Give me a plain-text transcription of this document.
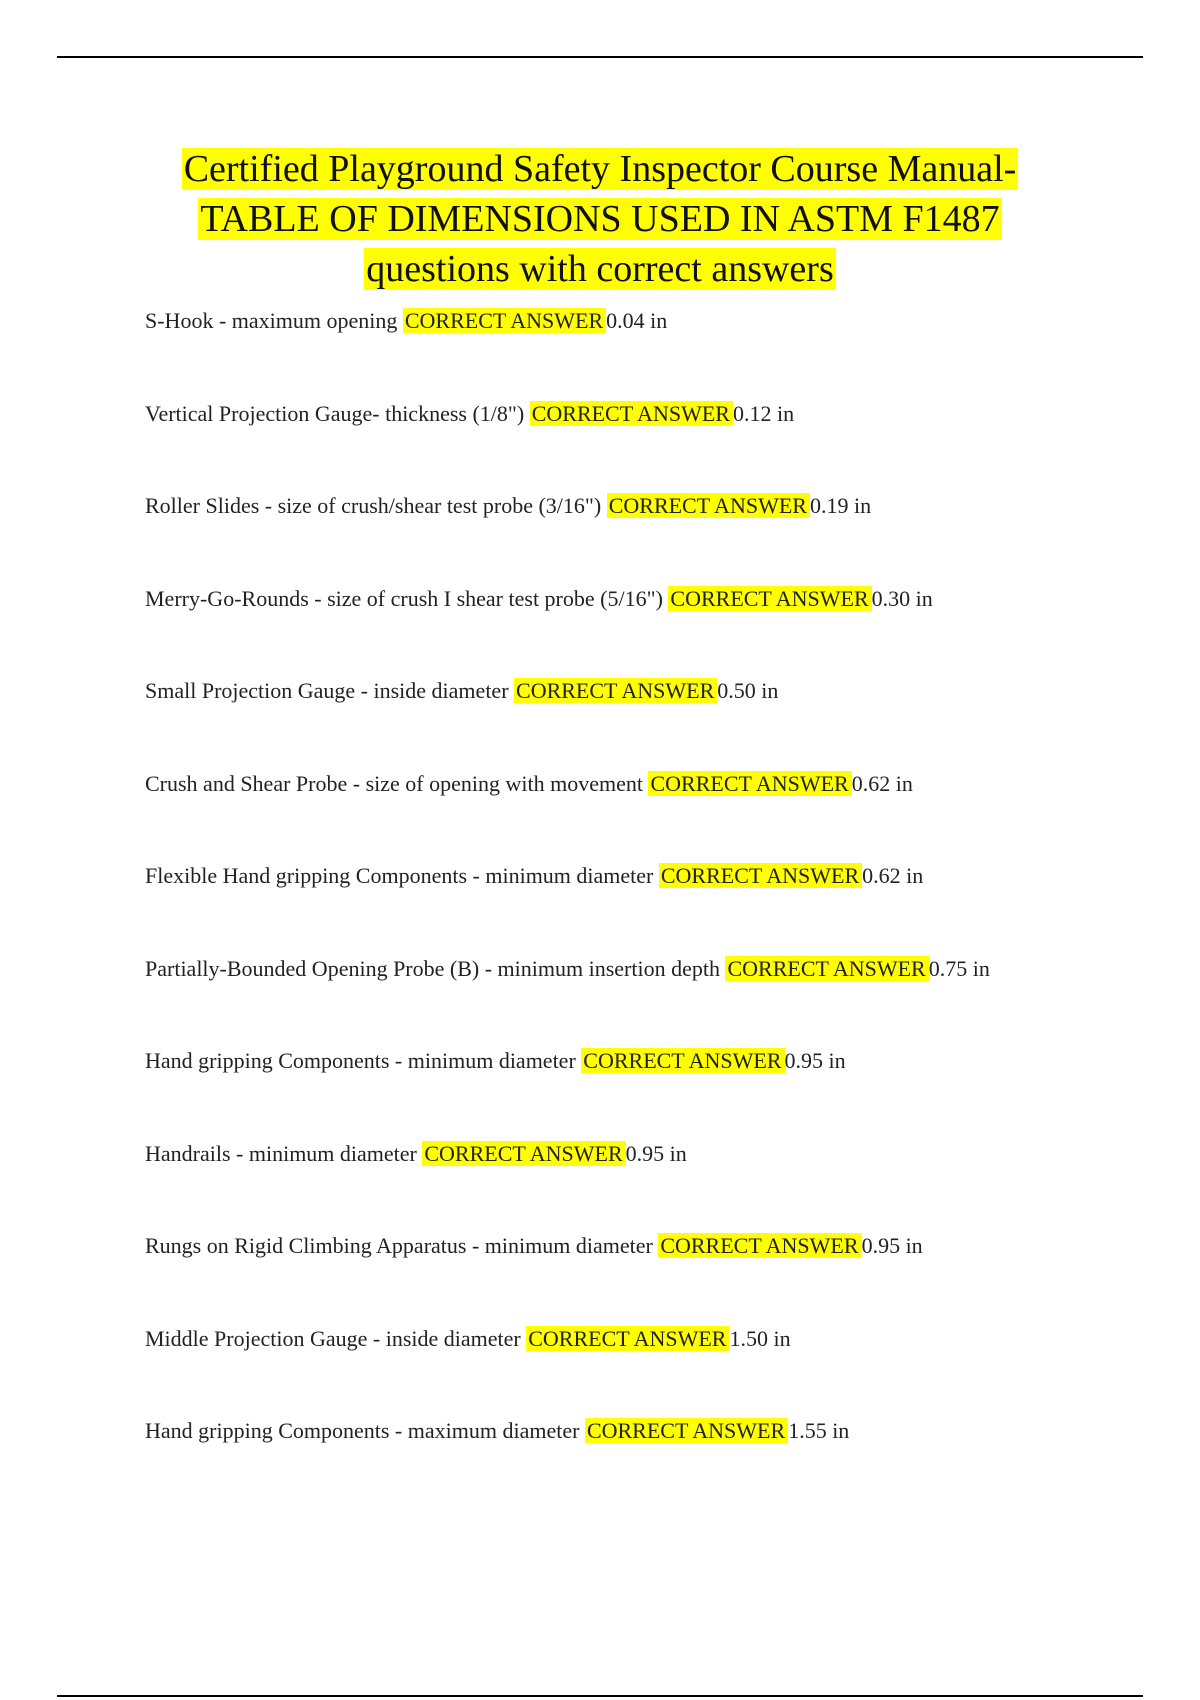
Certified Playground Safety Inspector Course Manual-
TABLE OF DIMENSIONS USED IN ASTM F1487
questions with correct answers
S-Hook - maximum opening CORRECT ANSWER 0.04 in
Vertical Projection Gauge- thickness (1/8") CORRECT ANSWER 0.12 in
Roller Slides - size of crush/shear test probe (3/16") CORRECT ANSWER 0.19 in
Merry-Go-Rounds - size of crush I shear test probe (5/16") CORRECT ANSWER 0.30 in
Small Projection Gauge - inside diameter CORRECT ANSWER 0.50 in
Crush and Shear Probe - size of opening with movement CORRECT ANSWER 0.62 in
Flexible Hand gripping Components - minimum diameter CORRECT ANSWER 0.62 in
Partially-Bounded Opening Probe (B) - minimum insertion depth CORRECT ANSWER 0.75 in
Hand gripping Components - minimum diameter CORRECT ANSWER 0.95 in
Handrails - minimum diameter CORRECT ANSWER 0.95 in
Rungs on Rigid Climbing Apparatus - minimum diameter CORRECT ANSWER 0.95 in
Middle Projection Gauge - inside diameter CORRECT ANSWER 1.50 in
Hand gripping Components - maximum diameter CORRECT ANSWER 1.55 in
